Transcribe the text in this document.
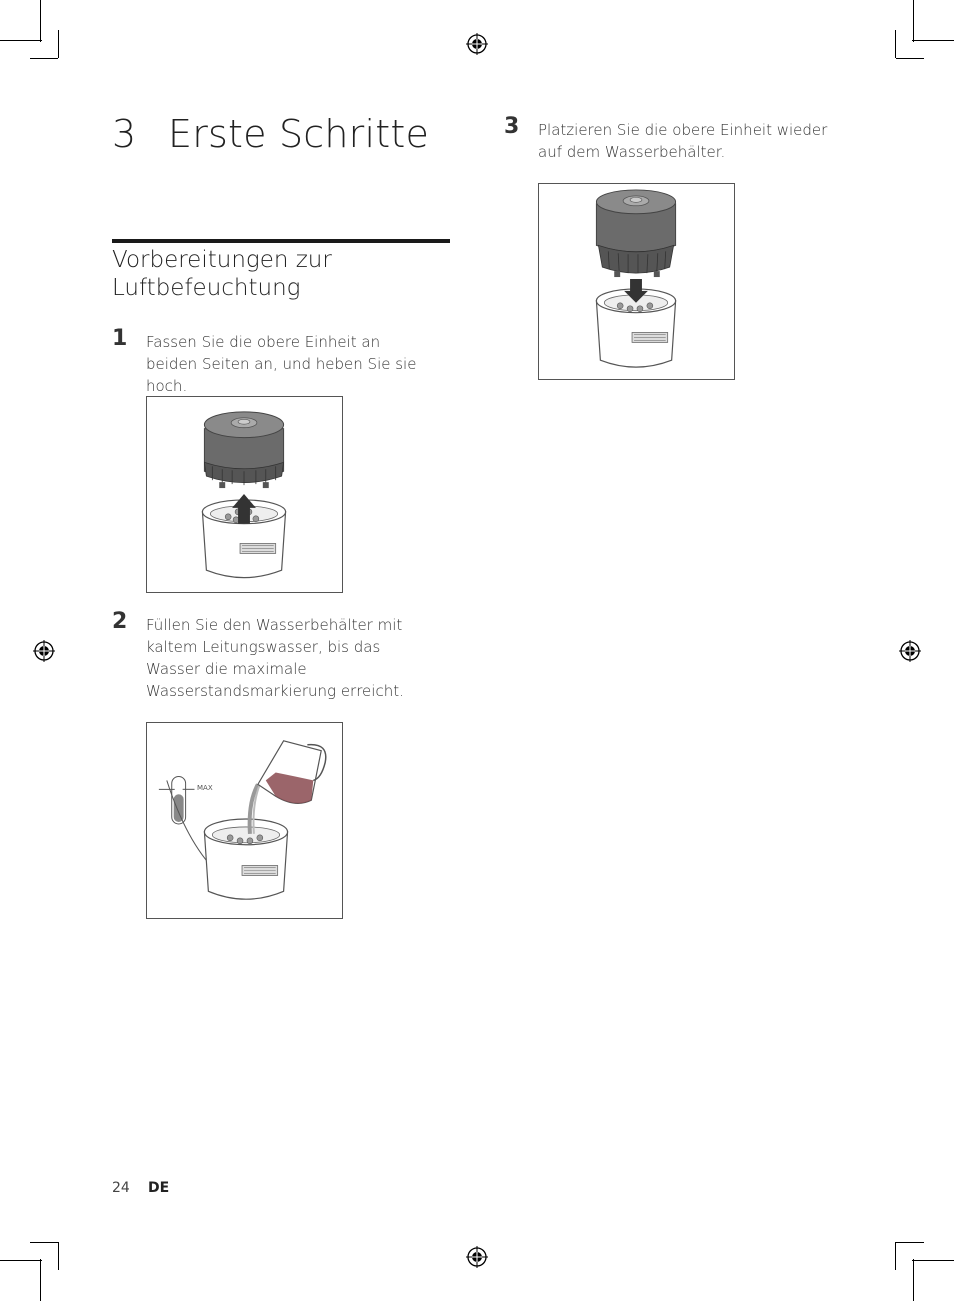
3 Erste Schritte
Vorbereitungen zur Luftbefeuchtung
1 Fassen Sie die obere Einheit an beiden Seiten an, und heben Sie sie hoch.
2 Füllen Sie den Wasserbehälter mit kaltem Leitungswasser, bis das Wasser die maximale Wasserstandsmarkierung erreicht.
MAX
3 Platzieren Sie die obere Einheit wieder auf dem Wasserbehälter.
24 DE
